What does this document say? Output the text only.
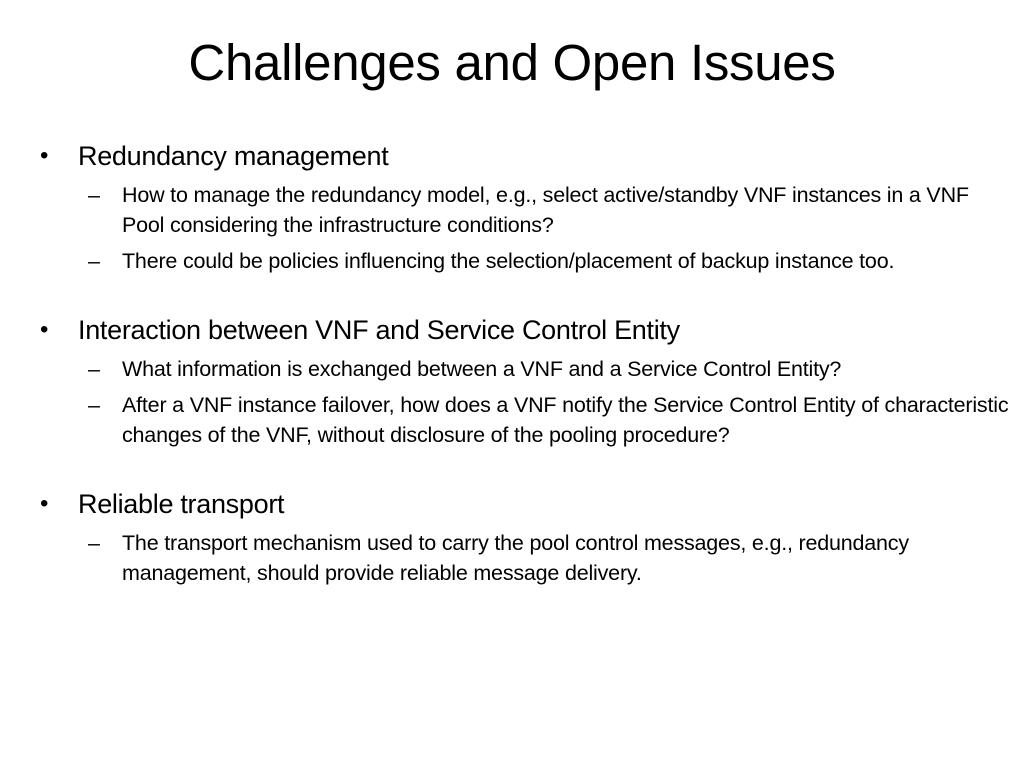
Challenges and Open Issues

• Redundancy management

– How to manage the redundancy model, e.g., select active/standby VNF instances in a VNF Pool considering the infrastructure conditions?

– There could be policies influencing the selection/placement of backup instance too.

• Interaction between VNF and Service Control Entity

– What information is exchanged between a VNF and a Service Control Entity?

– After a VNF instance failover, how does a VNF notify the Service Control Entity of characteristic changes of the VNF, without disclosure of the pooling procedure?

• Reliable transport

– The transport mechanism used to carry the pool control messages, e.g., redundancy management, should provide reliable message delivery.
